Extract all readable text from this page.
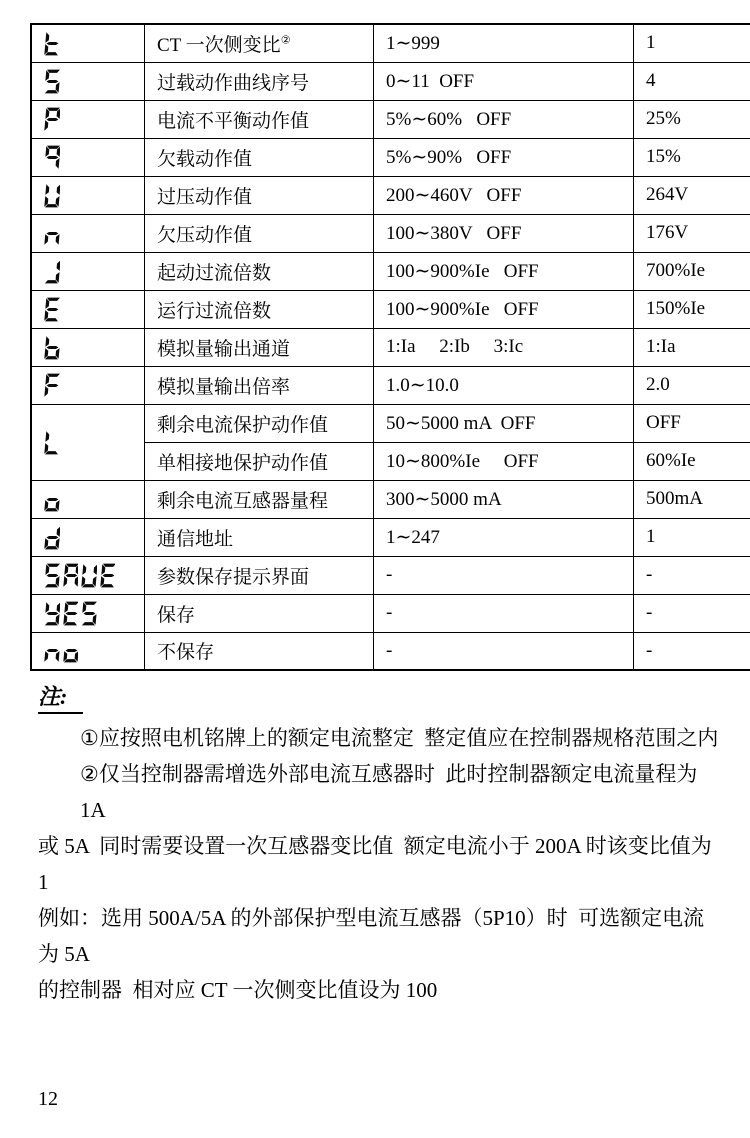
	CT 一次侧变比②	1∼999	1

	过载动作曲线序号	0∼11  OFF	4

	电流不平衡动作值	5%∼60%   OFF	25%

	欠载动作值	5%∼90%   OFF	15%

	过压动作值	200∼460V   OFF	264V

	欠压动作值	100∼380V   OFF	176V

	起动过流倍数	100∼900%Ie   OFF	700%Ie

	运行过流倍数	100∼900%Ie   OFF	150%Ie

	模拟量输出通道	1:Ia     2:Ib     3:Ic	1:Ia

	模拟量输出倍率	1.0∼10.0	2.0

	剩余电流保护动作值	50∼5000 mA  OFF	OFF
	单相接地保护动作值	10∼800%Ie     OFF	60%Ie

	剩余电流互感器量程	300∼5000 mA	500mA

	通信地址	1∼247	1

	参数保存提示界面	-	-

	保存	-	-

	不保存	-	-
注:
①应按照电机铭牌上的额定电流整定  整定值应在控制器规格范围之内
②仅当控制器需增选外部电流互感器时  此时控制器额定电流量程为 1A
或 5A  同时需要设置一次互感器变比值  额定电流小于 200A 时该变比值为 1
例如：选用 500A/5A 的外部保护型电流互感器（5P10）时  可选额定电流为 5A
的控制器  相对应 CT 一次侧变比值设为 100
12
